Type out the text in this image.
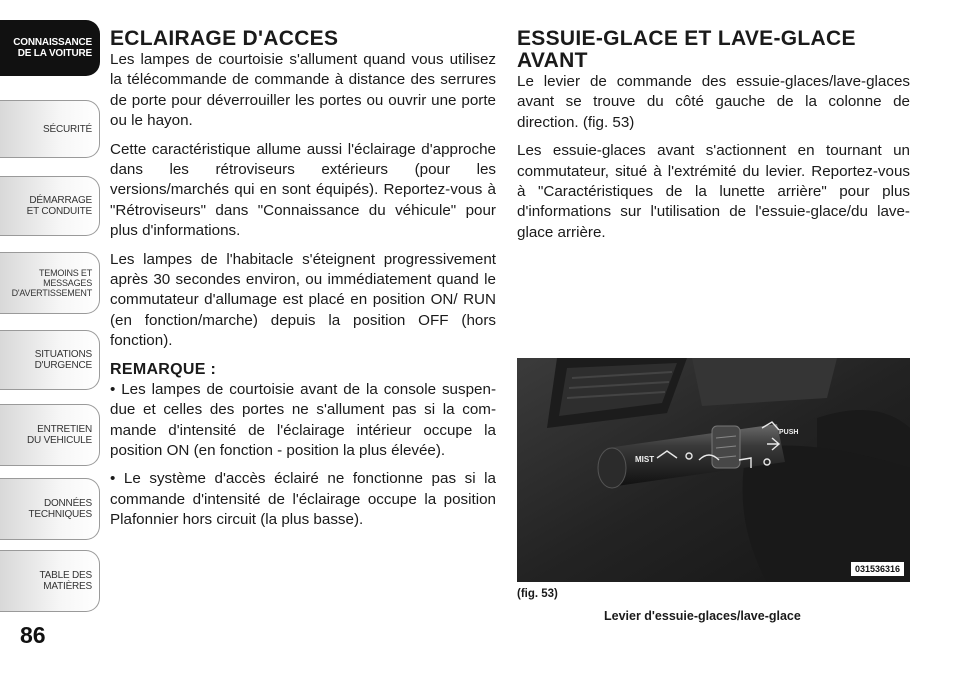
CONNAISSANCE
DE LA VOITURE
SÉCURITÉ
DÉMARRAGE
ET CONDUITE
TEMOINS ET
MESSAGES
D'AVERTISSEMENT
SITUATIONS
D'URGENCE
ENTRETIEN
DU VEHICULE
DONNÉES
TECHNIQUES
TABLE DES
MATIÈRES
86
ECLAIRAGE D'ACCES

Les lampes de courtoisie s'allument quand vous utilisez la télécommande de commande à distance des serrures de porte pour déverrouiller les portes ou ouvrir une porte ou le hayon.

Cette caractéristique allume aussi l'éclairage d'approche dans les rétroviseurs extérieurs (pour les versions/marchés qui en sont équipés). Reportez-vous à "Rétroviseurs" dans "Connaissance du véhicule" pour plus d'informations.

Les lampes de l'habitacle s'éteignent progressivement après 30 secondes environ, ou immédiatement quand le commutateur d'allumage est placé en position ON/ RUN (en fonction/marche) depuis la position OFF (hors fonction).

REMARQUE :

• Les lampes de courtoisie avant de la console suspendue et celles des portes ne s'allument pas si la commande d'intensité de l'éclairage intérieur occupe la position ON (en fonction - position la plus élevée).

• Le système d'accès éclairé ne fonctionne pas si la commande d'intensité de l'éclairage occupe la position Plafonnier hors circuit (la plus basse).

ESSUIE-GLACE ET LAVE-GLACE AVANT

Le levier de commande des essuie-glaces/lave-glaces avant se trouve du côté gauche de la colonne de direction. (fig. 53)

Les essuie-glaces avant s'actionnent en tournant un commutateur, situé à l'extrémité du levier. Reportez-vous à "Caractéristiques de la lunette arrière" pour plus d'informations sur l'utilisation de l'essuie-glace/du lave-glace arrière.

MIST
PUSH
031536316
(fig. 53)
Levier d'essuie-glaces/lave-glace
